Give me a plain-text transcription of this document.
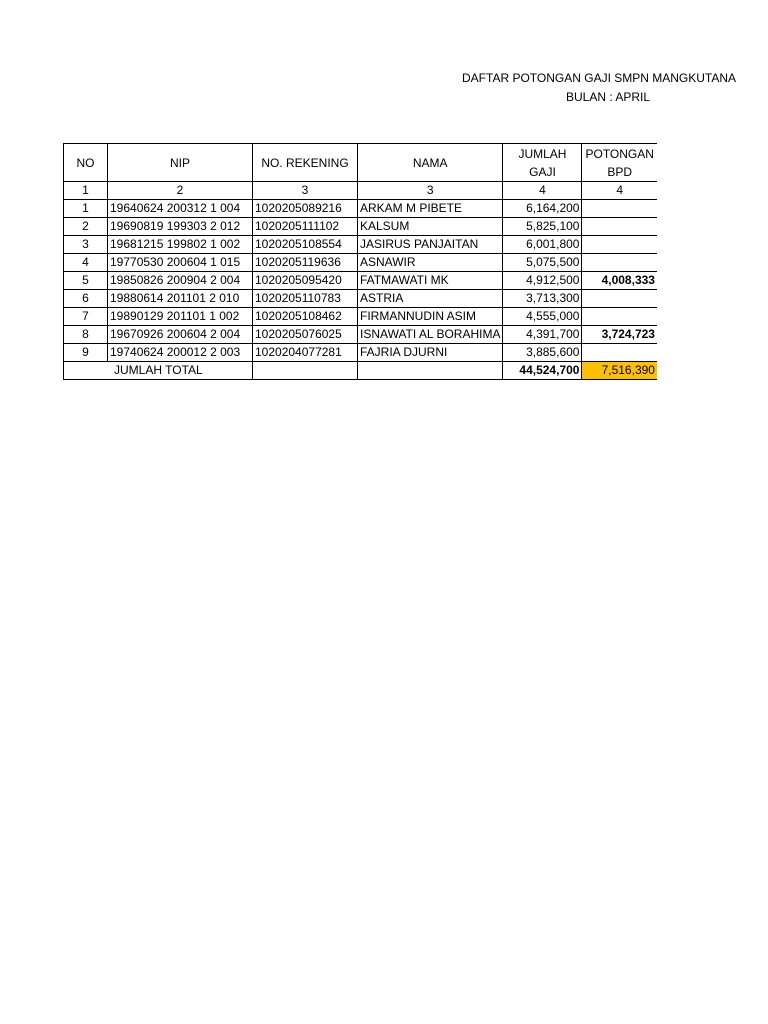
DAFTAR POTONGAN GAJI SMPN MANGKUTANA
BULAN : APRIL
NO	NIP	NO. REKENING	NAMA	JUMLAH GAJI	POTONGAN BPD
1	2	3	3	4	4
1	19640624 200312 1 004	1020205089216	ARKAM M PIBETE	6,164,200	
2	19690819 199303 2 012	1020205111102	KALSUM	5,825,100	
3	19681215 199802 1 002	1020205108554	JASIRUS PANJAITAN	6,001,800	
4	19770530 200604 1 015	1020205119636	ASNAWIR	5,075,500	
5	19850826 200904 2 004	1020205095420	FATMAWATI MK	4,912,500	4,008,333
6	19880614 201101 2 010	1020205110783	ASTRIA	3,713,300	
7	19890129 201101 1 002	1020205108462	FIRMANNUDIN ASIM	4,555,000	
8	19670926 200604 2 004	1020205076025	ISNAWATI AL BORAHIMA	4,391,700	3,724,723
9	19740624 200012 2 003	1020204077281	FAJRIA DJURNI	3,885,600	
JUMLAH TOTAL				44,524,700	7,516,390
